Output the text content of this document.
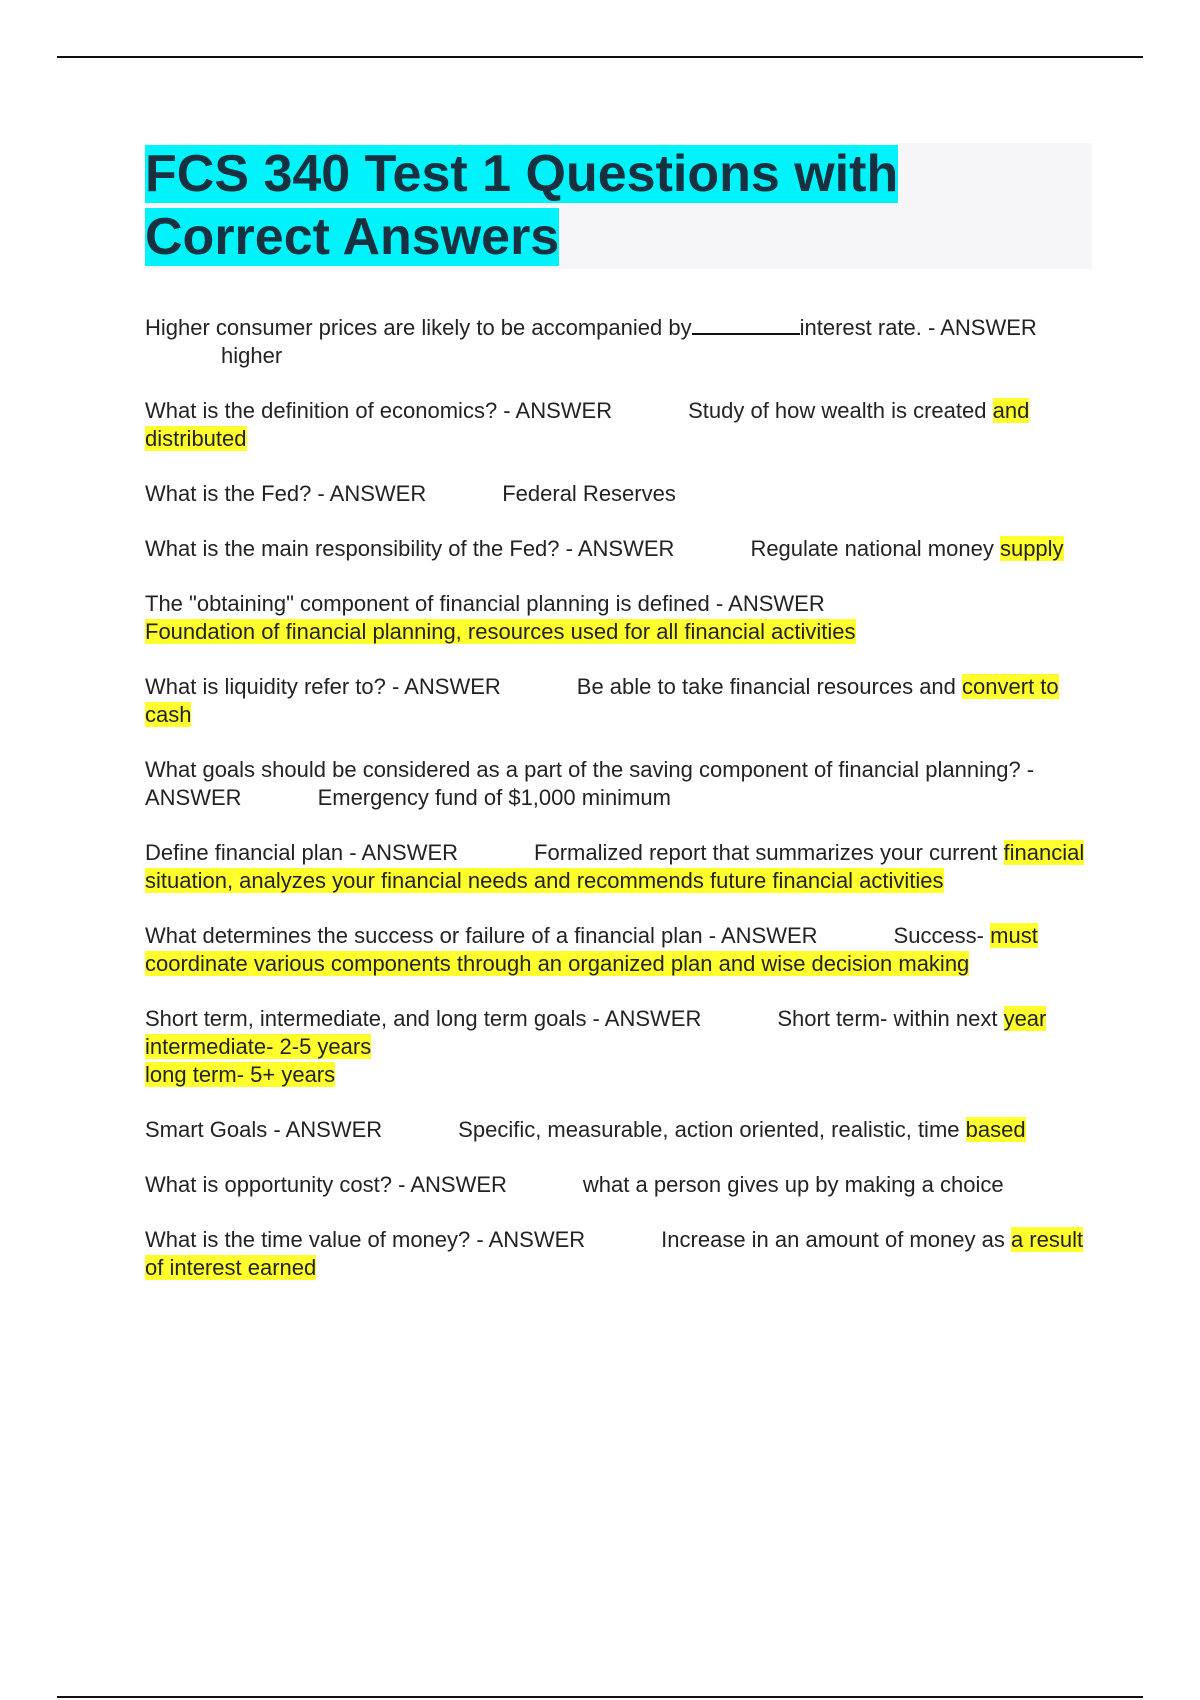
FCS 340 Test 1 Questions with
Correct Answers
Higher consumer prices are likely to be accompanied by	interest rate. - ANSWERhigher
What is the definition of economics? - ANSWER	Study of how wealth is created and distributed
What is the Fed? - ANSWER	Federal Reserves
What is the main responsibility of the Fed? - ANSWER	Regulate national money supply
The "obtaining" component of financial planning is defined - ANSWER
Foundation of financial planning, resources used for all financial activities
What is liquidity refer to? - ANSWER	Be able to take financial resources and convert to cash
What goals should be considered as a part of the saving component of financial planning? - ANSWER	Emergency fund of $1,000 minimum
Define financial plan - ANSWER	Formalized report that summarizes your current financial situation, analyzes your financial needs and recommends future financial activities
What determines the success or failure of a financial plan - ANSWER	Success- must coordinate various components through an organized plan and wise decision making
Short term, intermediate, and long term goals - ANSWER	Short term- within next year
intermediate- 2-5 years
long term- 5+ years
Smart Goals - ANSWER	Specific, measurable, action oriented, realistic, time based
What is opportunity cost? - ANSWER	what a person gives up by making a choice
What is the time value of money? - ANSWER	Increase in an amount of money as a result of interest earned
